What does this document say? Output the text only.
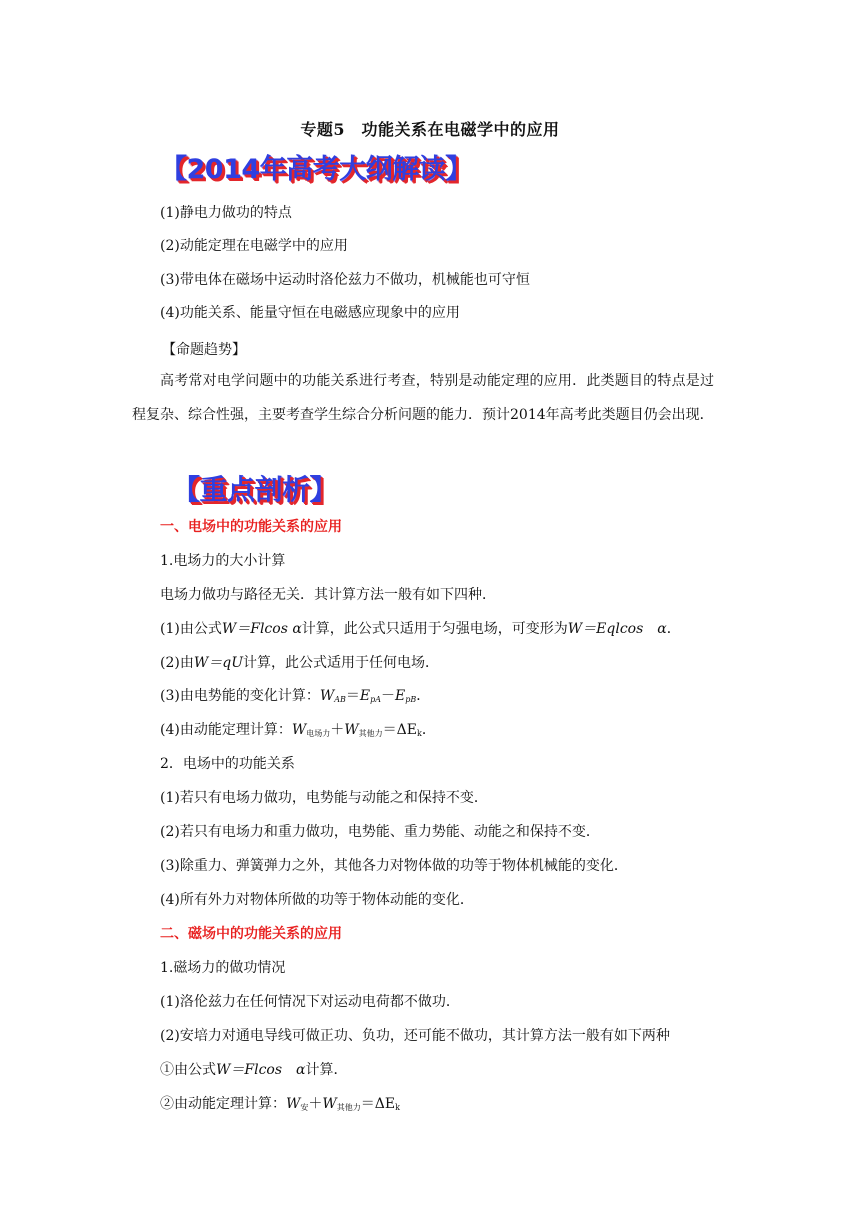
专题5　功能关系在电磁学中的应用
【2014年高考大纲解读】
(1)静电力做功的特点
(2)动能定理在电磁学中的应用
(3)带电体在磁场中运动时洛伦兹力不做功，机械能也可守恒
(4)功能关系、能量守恒在电磁感应现象中的应用
【命题趋势】
高考常对电学问题中的功能关系进行考查，特别是动能定理的应用．此类题目的特点是过程复杂、综合性强，主要考查学生综合分析问题的能力．预计2014年高考此类题目仍会出现．
【重点剖析】
一、电场中的功能关系的应用
1.电场力的大小计算
电场力做功与路径无关．其计算方法一般有如下四种．
(1)由公式W＝Flcos α计算，此公式只适用于匀强电场，可变形为W＝Eqlcos　α．
(2)由W＝qU计算，此公式适用于任何电场．
(3)由电势能的变化计算：$W_{AB}=E_{pA}-E_{pB}$．
(4)由动能定理计算：$W_{电场力}+W_{其他力}=\Delta E_k$．
2．电场中的功能关系
(1)若只有电场力做功，电势能与动能之和保持不变．
(2)若只有电场力和重力做功，电势能、重力势能、动能之和保持不变．
(3)除重力、弹簧弹力之外，其他各力对物体做的功等于物体机械能的变化．
(4)所有外力对物体所做的功等于物体动能的变化．
二、磁场中的功能关系的应用
1.磁场力的做功情况
(1)洛伦兹力在任何情况下对运动电荷都不做功．
(2)安培力对通电导线可做正功、负功，还可能不做功，其计算方法一般有如下两种
①由公式W＝Flcos　α计算．
②由动能定理计算：$W_安+W_{其他力}=\Delta E_k$
